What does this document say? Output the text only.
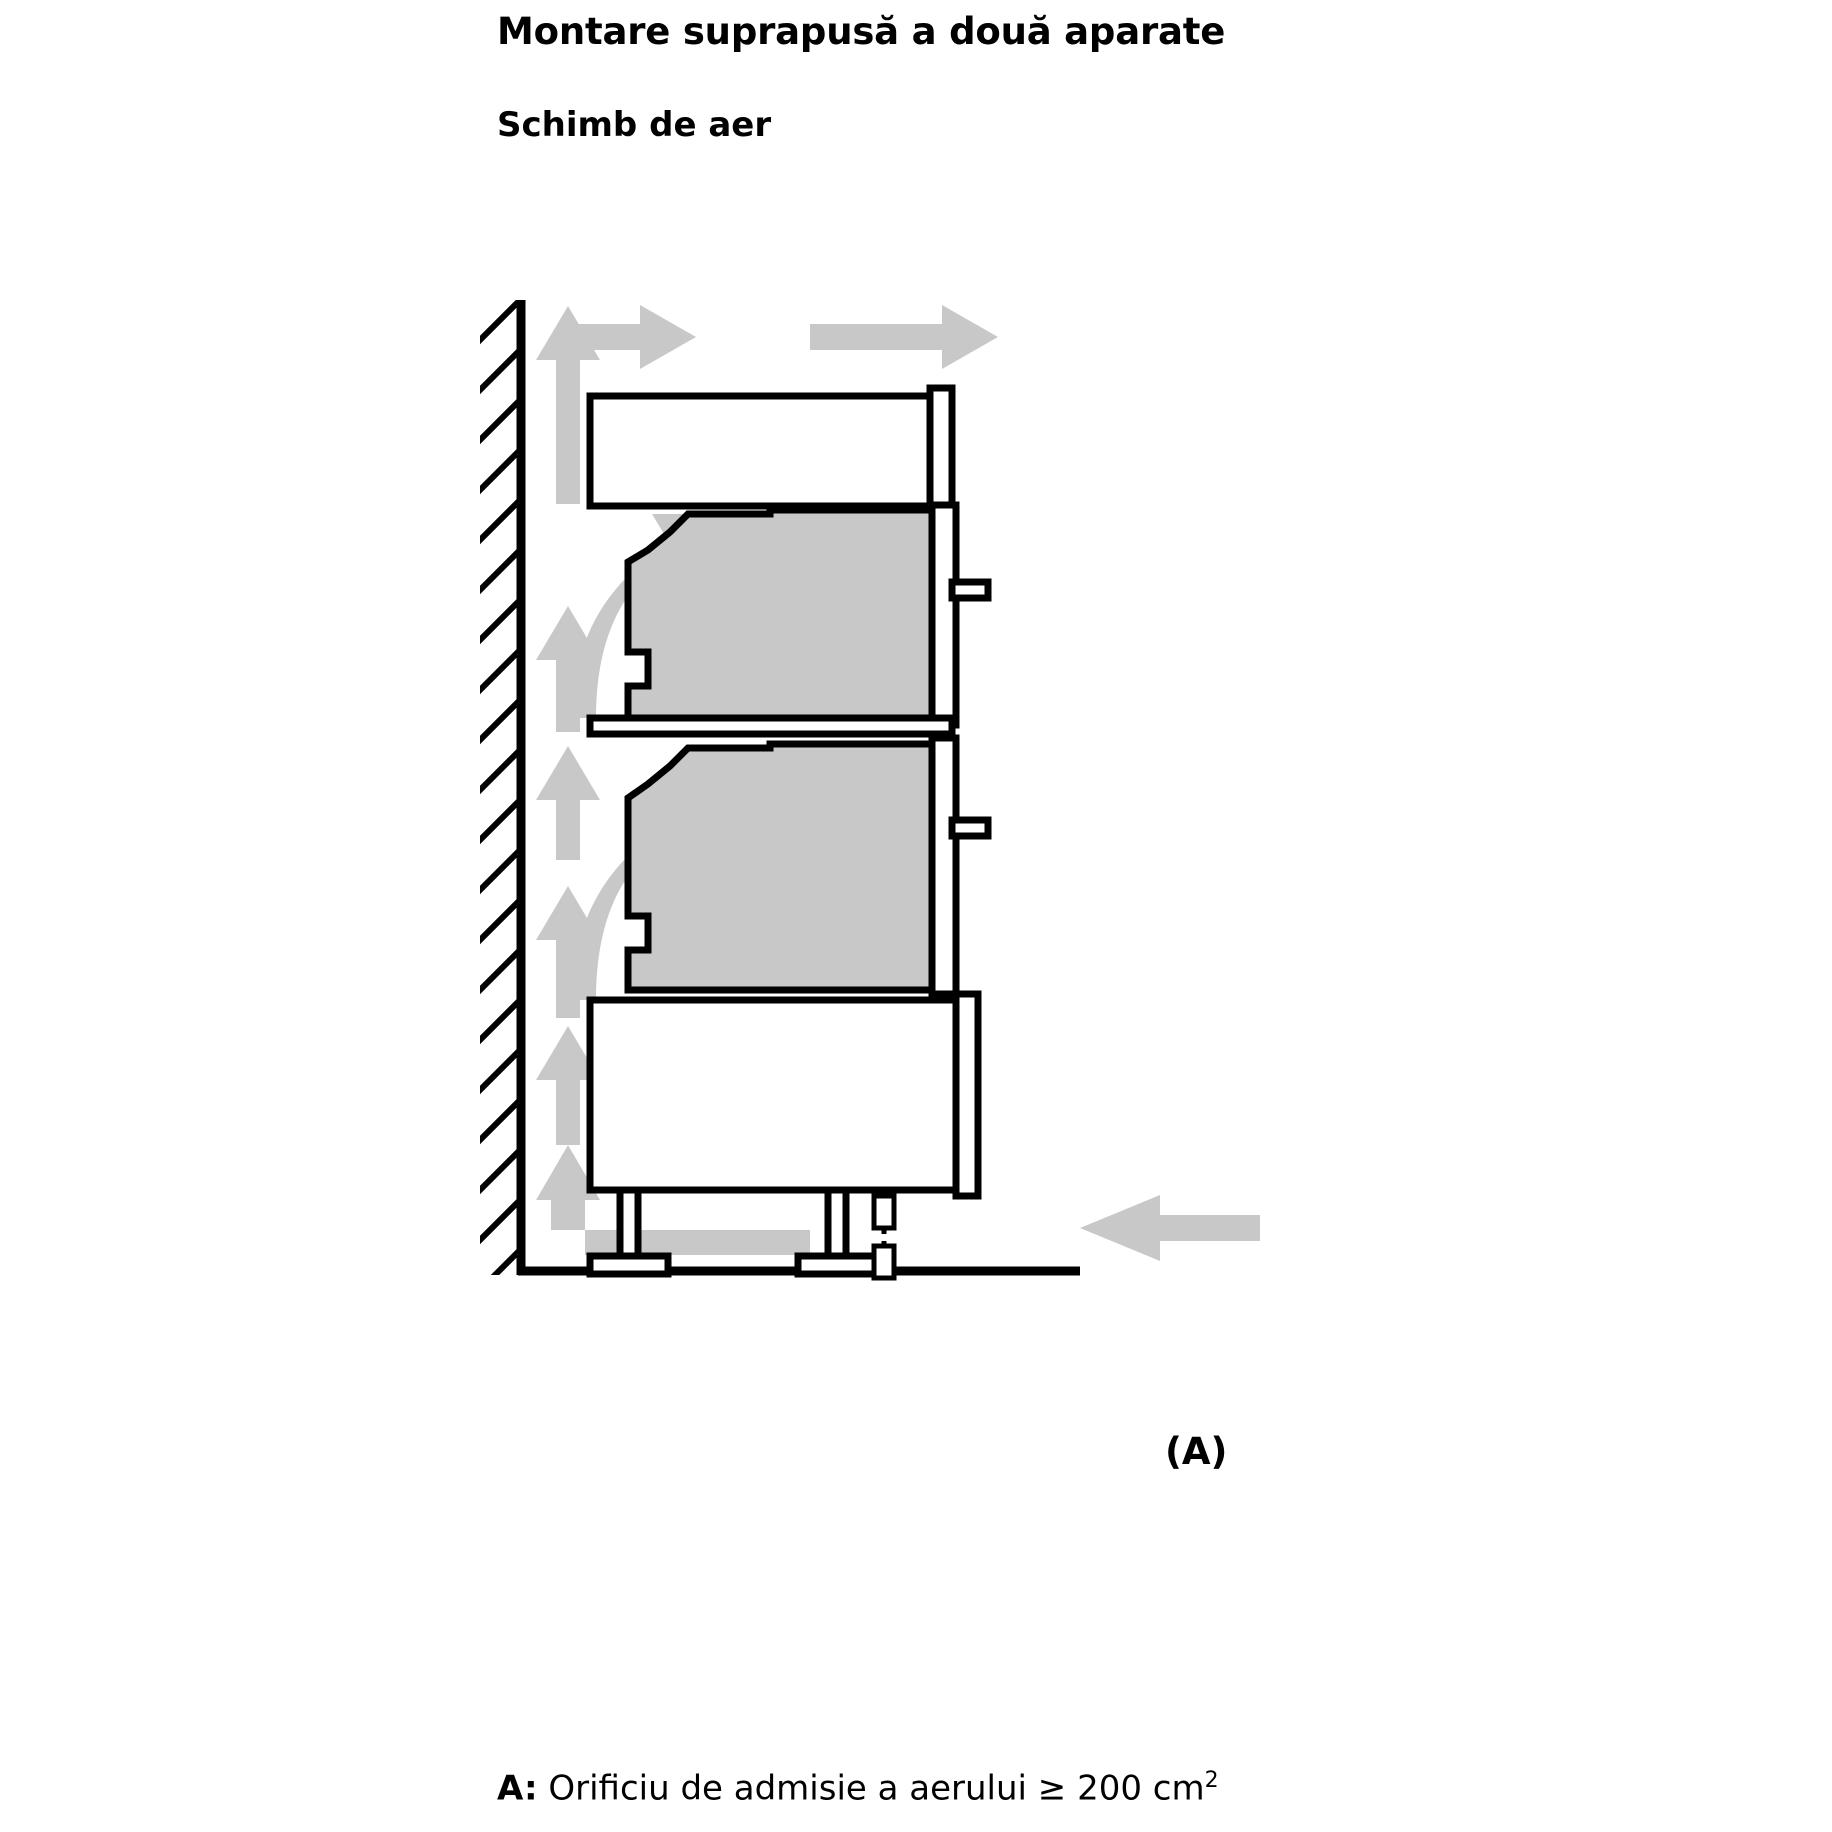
Montare suprapusă a două aparate
Schimb de aer
(A)
A: Orificiu de admisie a aerului ≥ 200 $cm^2$
